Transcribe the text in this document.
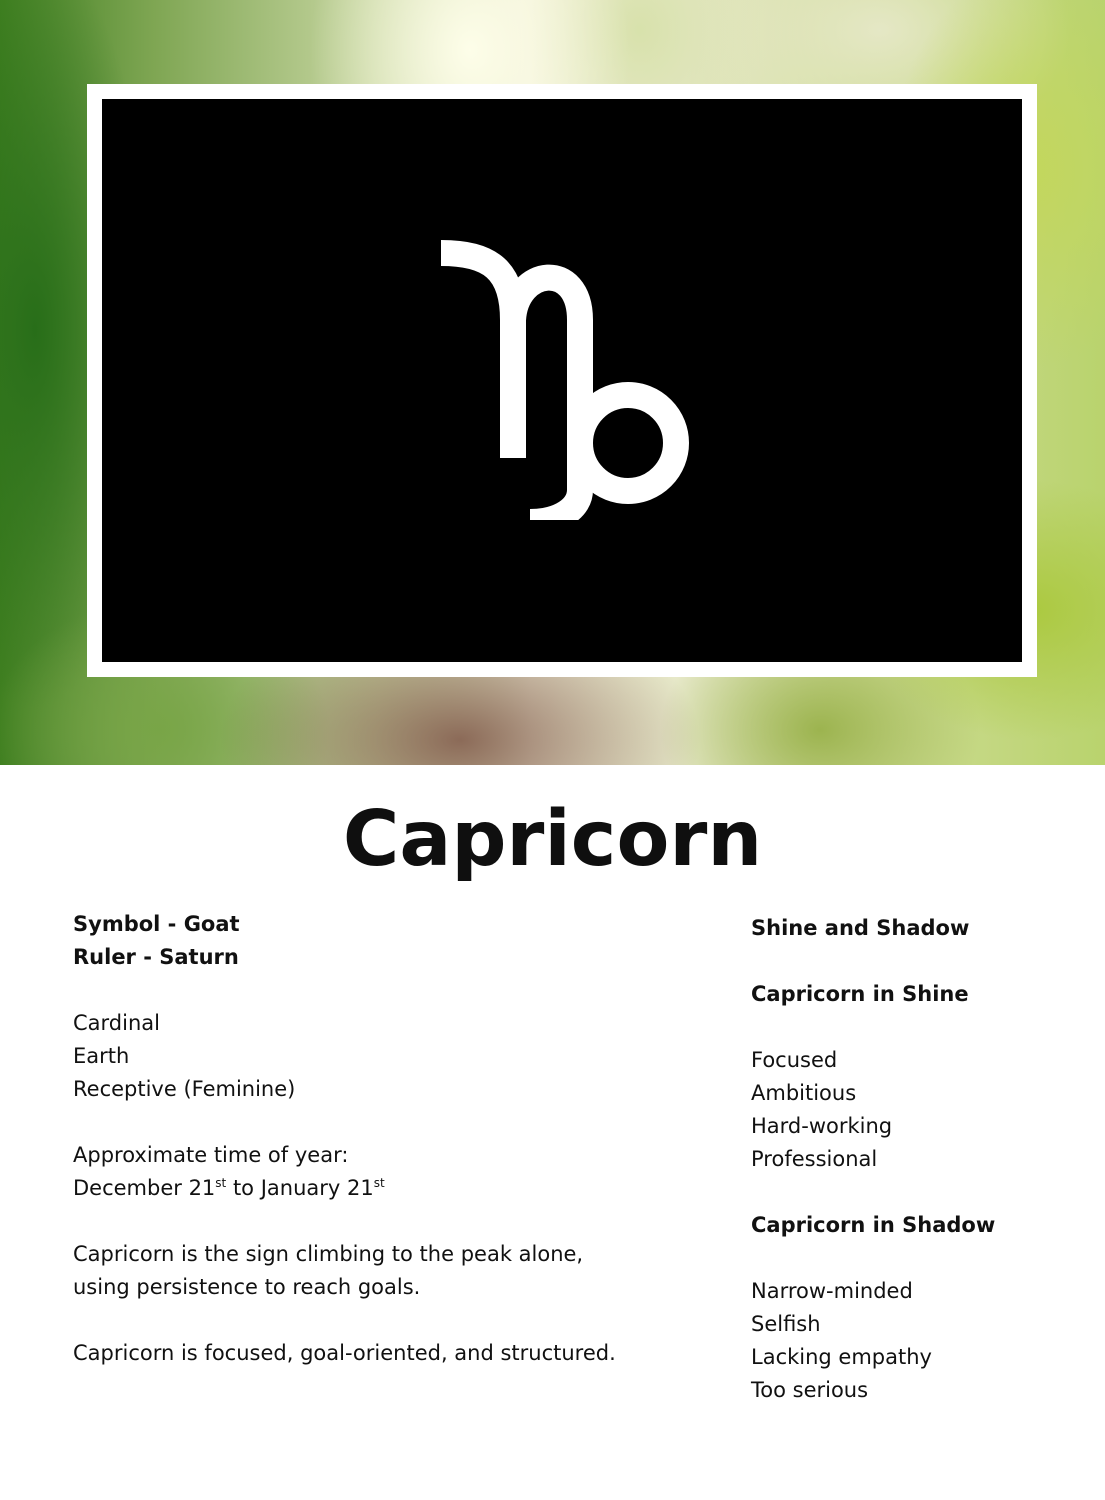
Capricorn
Symbol - Goat
Ruler - Saturn
Cardinal
Earth
Receptive (Feminine)
Approximate time of year:
December 21st to January 21st
Capricorn is the sign climbing to the peak alone,
using persistence to reach goals.
Capricorn is focused, goal-oriented, and structured.
Shine and Shadow
Capricorn in Shine
Focused
Ambitious
Hard-working
Professional
Capricorn in Shadow
Narrow-minded
Selfish
Lacking empathy
Too serious
